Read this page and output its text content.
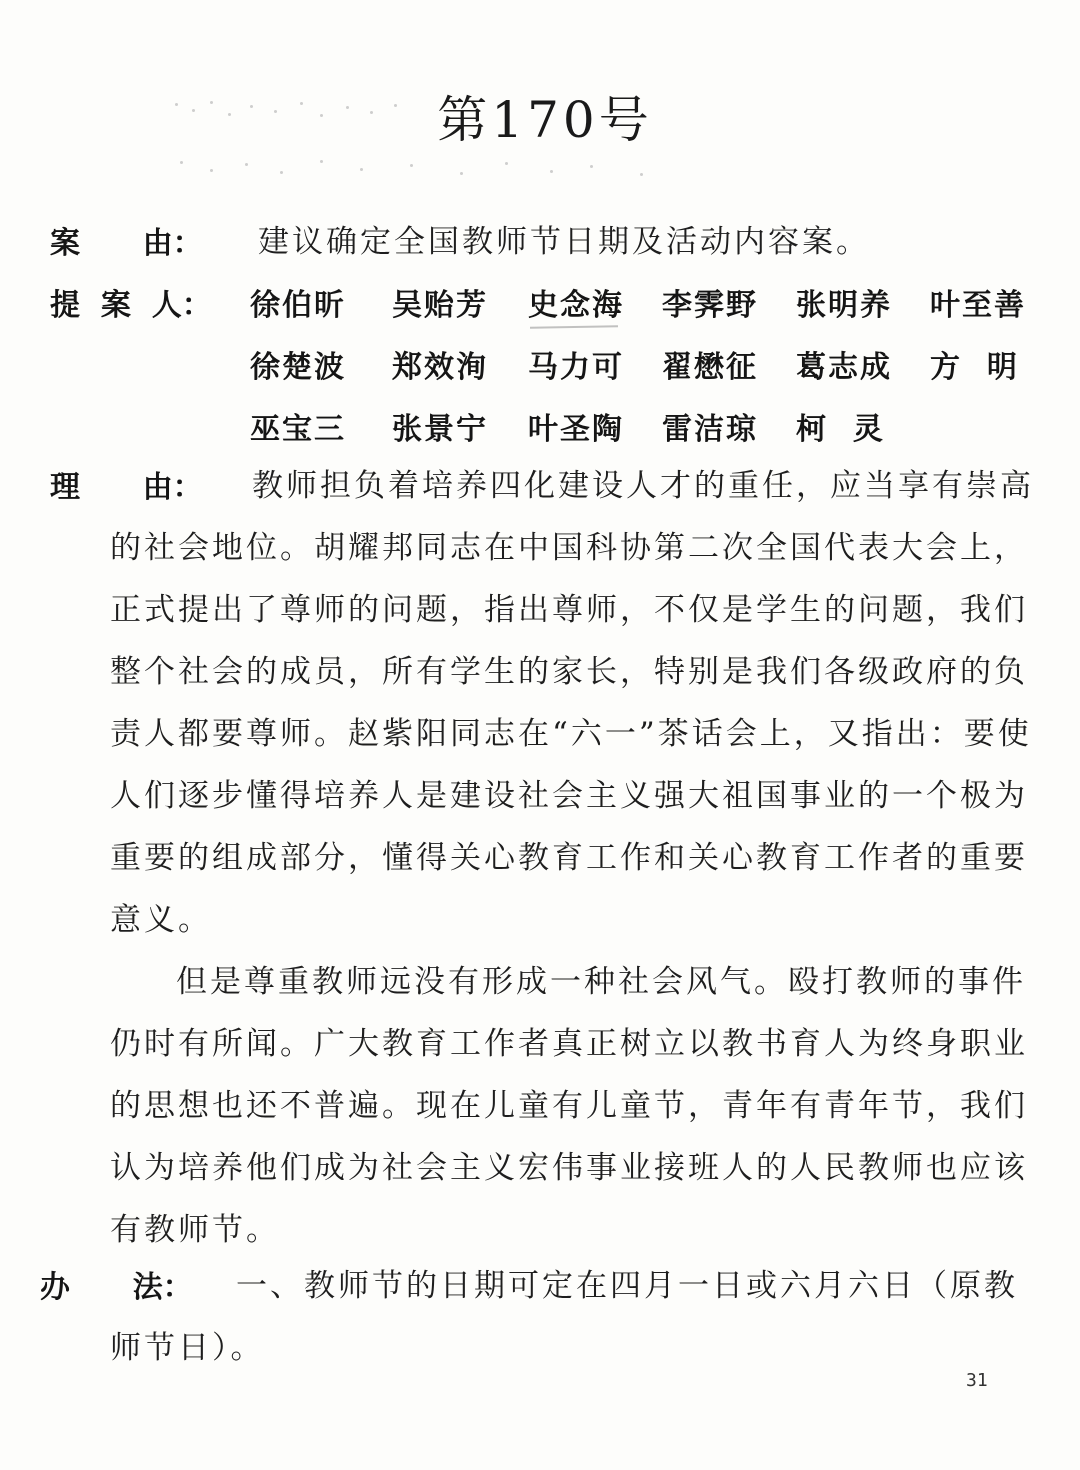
第170号
案      由： 建议确定全国教师节日期及活动内容案。
提  案  人： 徐伯昕 吴贻芳 史念海 李霁野 张明养 叶至善
徐楚波 郑效洵 马力可 翟懋征 葛志成 方  明
巫宝三 张景宁 叶圣陶 雷洁琼 柯  灵
理      由： 教师担负着培养四化建设人才的重任，应当享有崇高
的社会地位。胡耀邦同志在中国科协第二次全国代表大会上，
正式提出了尊师的问题，指出尊师，不仅是学生的问题，我们
整个社会的成员，所有学生的家长，特别是我们各级政府的负
责人都要尊师。赵紫阳同志在“六一”茶话会上，又指出：要使
人们逐步懂得培养人是建设社会主义强大祖国事业的一个极为
重要的组成部分，懂得关心教育工作和关心教育工作者的重要
意义。
但是尊重教师远没有形成一种社会风气。殴打教师的事件
仍时有所闻。广大教育工作者真正树立以教书育人为终身职业
的思想也还不普遍。现在儿童有儿童节，青年有青年节，我们
认为培养他们成为社会主义宏伟事业接班人的人民教师也应该
有教师节。
办      法： 一、教师节的日期可定在四月一日或六月六日（原教
师节日）。
31
